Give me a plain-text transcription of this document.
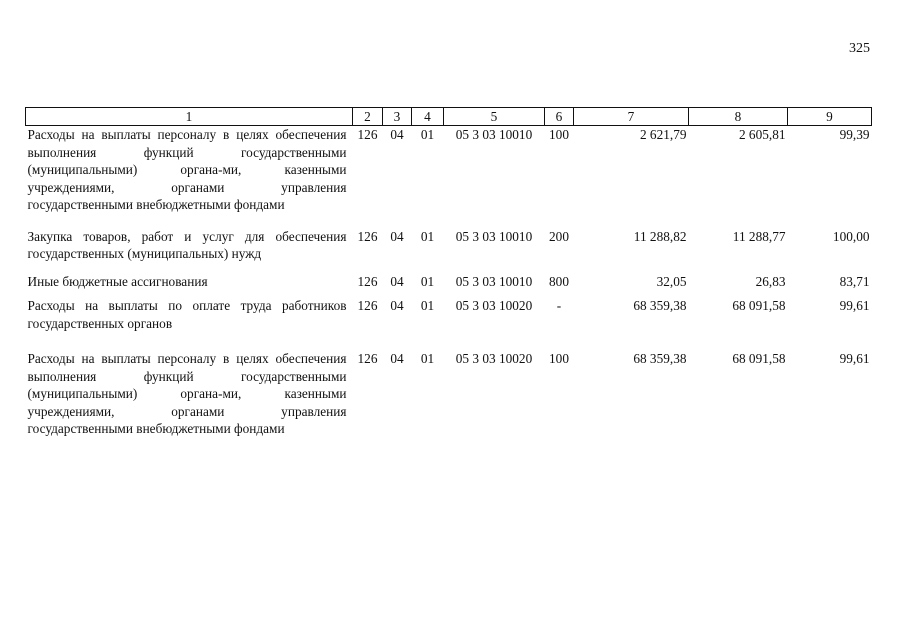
325
1	2	3	4	5	6	7	8	9
Расходы на выплаты персоналу в целях обеспечения выполнения функций государственными (муниципальными) органа-ми, казенными учреждениями, органами управления государственными внебюджетными фондами	126	04	01	05 3 03 10010	100	2 621,79	2 605,81	99,39
Закупка товаров, работ и услуг для обеспечения государственных (муниципальных) нужд	126	04	01	05 3 03 10010	200	11 288,82	11 288,77	100,00
Иные бюджетные ассигнования	126	04	01	05 3 03 10010	800	32,05	26,83	83,71
Расходы на выплаты по оплате труда работников государственных органов	126	04	01	05 3 03 10020	-	68 359,38	68 091,58	99,61
Расходы на выплаты персоналу в целях обеспечения выполнения функций государственными (муниципальными) органа-ми, казенными учреждениями, органами управления государственными внебюджетными фондами	126	04	01	05 3 03 10020	100	68 359,38	68 091,58	99,61
